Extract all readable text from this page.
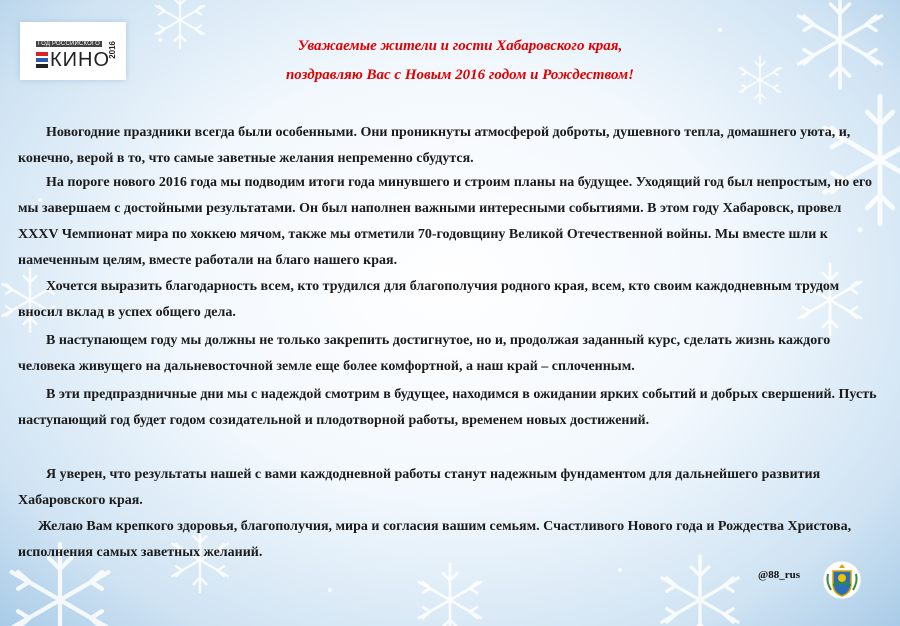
ГОД РОССИЙСКОГО
КИНО
2016	Уважаемые жители и гости Хабаровского края,
поздравляю Вас с Новым 2016 годом и Рождеством!

Новогодние праздники всегда были особенными. Они проникнуты атмосферой доброты, душевного тепла, домашнего уюта, и, конечно, верой в то, что самые заветные желания непременно сбудутся.

На пороге нового 2016 года мы подводим итоги года минувшего и строим планы на будущее. Уходящий год был непростым, но его мы завершаем с достойными результатами. Он был наполнен важными интересными событиями. В этом году Хабаровск, провел XXXV Чемпионат мира по хоккею мячом, также мы отметили 70-годовщину Великой Отечественной войны. Мы вместе шли к намеченным целям, вместе работали на благо нашего края.

Хочется выразить благодарность всем, кто трудился для благополучия родного края, всем, кто своим каждодневным трудом вносил вклад в успех общего дела.

В наступающем году мы должны не только закрепить достигнутое, но и, продолжая заданный курс, сделать жизнь каждого человека живущего на дальневосточной земле еще более комфортной, а наш край – сплоченным.

В эти предпраздничные дни мы с надеждой смотрим в будущее, находимся в ожидании ярких событий и добрых свершений. Пусть наступающий год будет годом созидательной и плодотворной работы, временем новых достижений.

Я уверен, что результаты нашей с вами каждодневной работы станут надежным фундаментом для дальнейшего развития Хабаровского края.

Желаю Вам крепкого здоровья, благополучия, мира и согласия вашим семьям. Счастливого Нового года и Рождества Христова, исполнения самых заветных желаний.

@88_rus
